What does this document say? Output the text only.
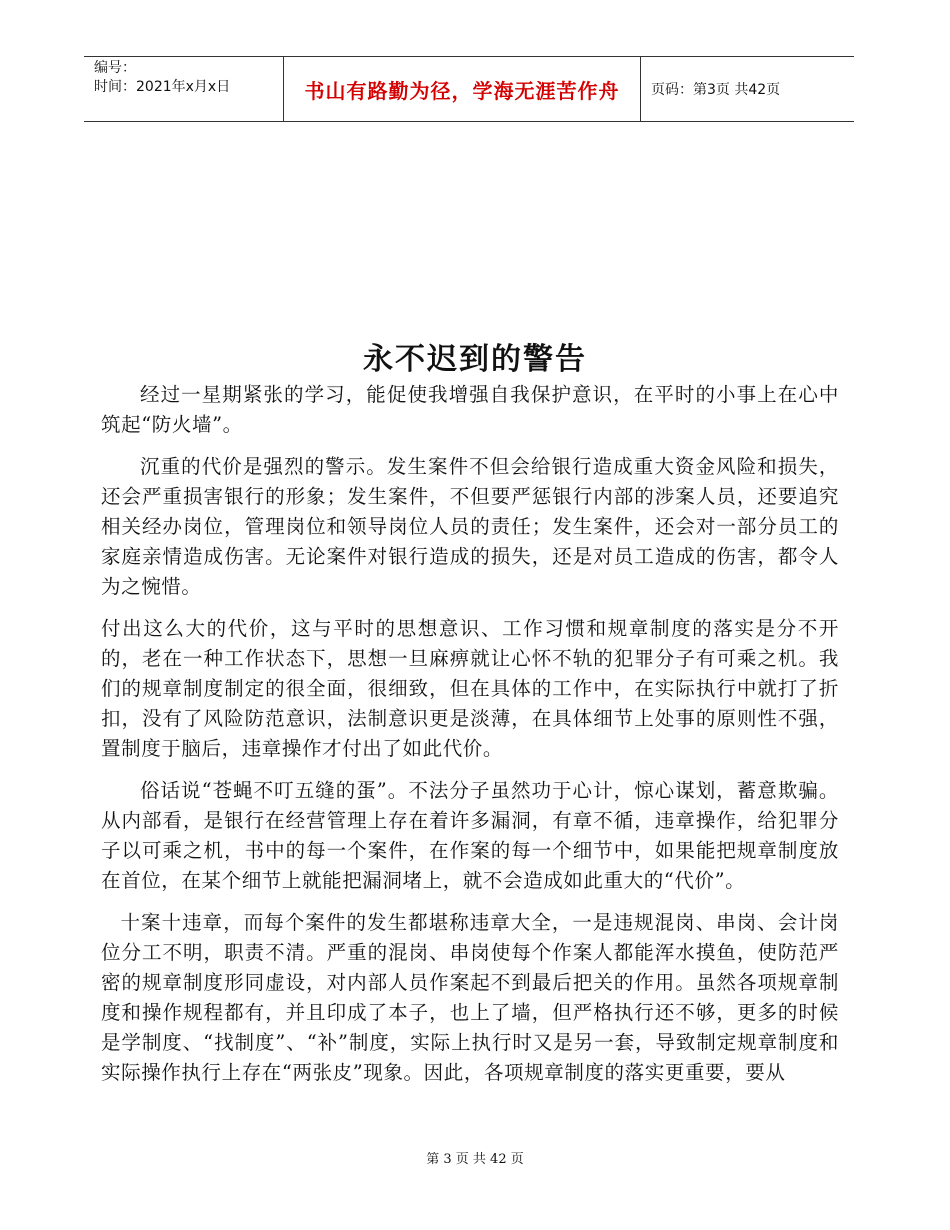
编号：
时间：2021年x月x日	书山有路勤为径，学海无涯苦作舟	页码：第3页 共42页
永不迟到的警告

经过一星期紧张的学习，能促使我增强自我保护意识，在平时的小事上在心中筑起“防火墙”。

沉重的代价是强烈的警示。发生案件不但会给银行造成重大资金风险和损失，还会严重损害银行的形象；发生案件，不但要严惩银行内部的涉案人员，还要追究相关经办岗位，管理岗位和领导岗位人员的责任；发生案件，还会对一部分员工的家庭亲情造成伤害。无论案件对银行造成的损失，还是对员工造成的伤害，都令人为之惋惜。

付出这么大的代价，这与平时的思想意识、工作习惯和规章制度的落实是分不开的，老在一种工作状态下，思想一旦麻痹就让心怀不轨的犯罪分子有可乘之机。我们的规章制度制定的很全面，很细致，但在具体的工作中，在实际执行中就打了折扣，没有了风险防范意识，法制意识更是淡薄，在具体细节上处事的原则性不强，置制度于脑后，违章操作才付出了如此代价。

俗话说“苍蝇不叮五缝的蛋”。不法分子虽然功于心计，惊心谋划，蓄意欺骗。从内部看，是银行在经营管理上存在着许多漏洞，有章不循，违章操作，给犯罪分子以可乘之机，书中的每一个案件，在作案的每一个细节中，如果能把规章制度放在首位，在某个细节上就能把漏洞堵上，就不会造成如此重大的“代价”。

十案十违章，而每个案件的发生都堪称违章大全，一是违规混岗、串岗、会计岗位分工不明，职责不清。严重的混岗、串岗使每个作案人都能浑水摸鱼，使防范严密的规章制度形同虚设，对内部人员作案起不到最后把关的作用。虽然各项规章制度和操作规程都有，并且印成了本子，也上了墙，但严格执行还不够，更多的时候是学制度、“找制度”、“补”制度，实际上执行时又是另一套，导致制定规章制度和实际操作执行上存在“两张皮”现象。因此，各项规章制度的落实更重要，要从

第 3 页 共 42 页
